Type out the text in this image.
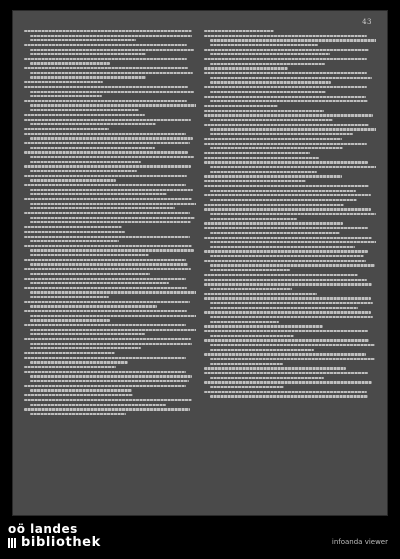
43
oö landes
bibliothek	infoanda viewer
